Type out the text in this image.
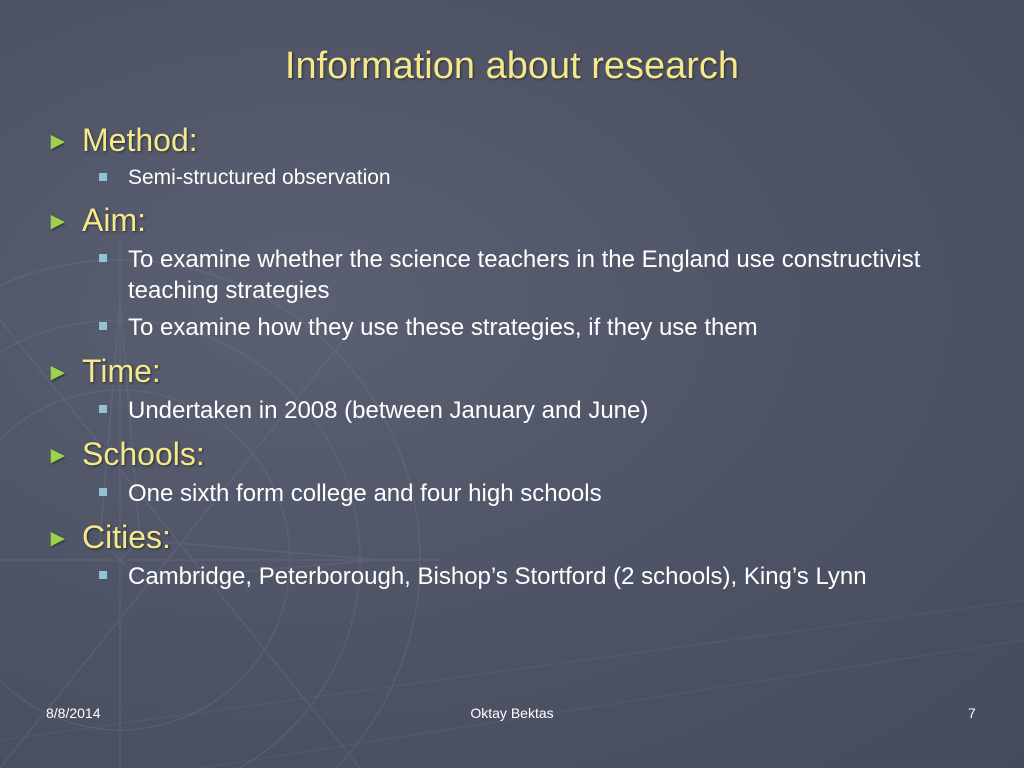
Information about research
► Method:
Semi-structured observation
► Aim:
To examine whether the science teachers in the England use constructivist teaching strategies
To examine how they use these strategies, if they use them
► Time:
Undertaken in 2008 (between January and June)
► Schools:
One sixth form college and four high schools
► Cities:
Cambridge, Peterborough, Bishop’s Stortford (2 schools), King’s Lynn
8/8/2014	Oktay Bektas	7
